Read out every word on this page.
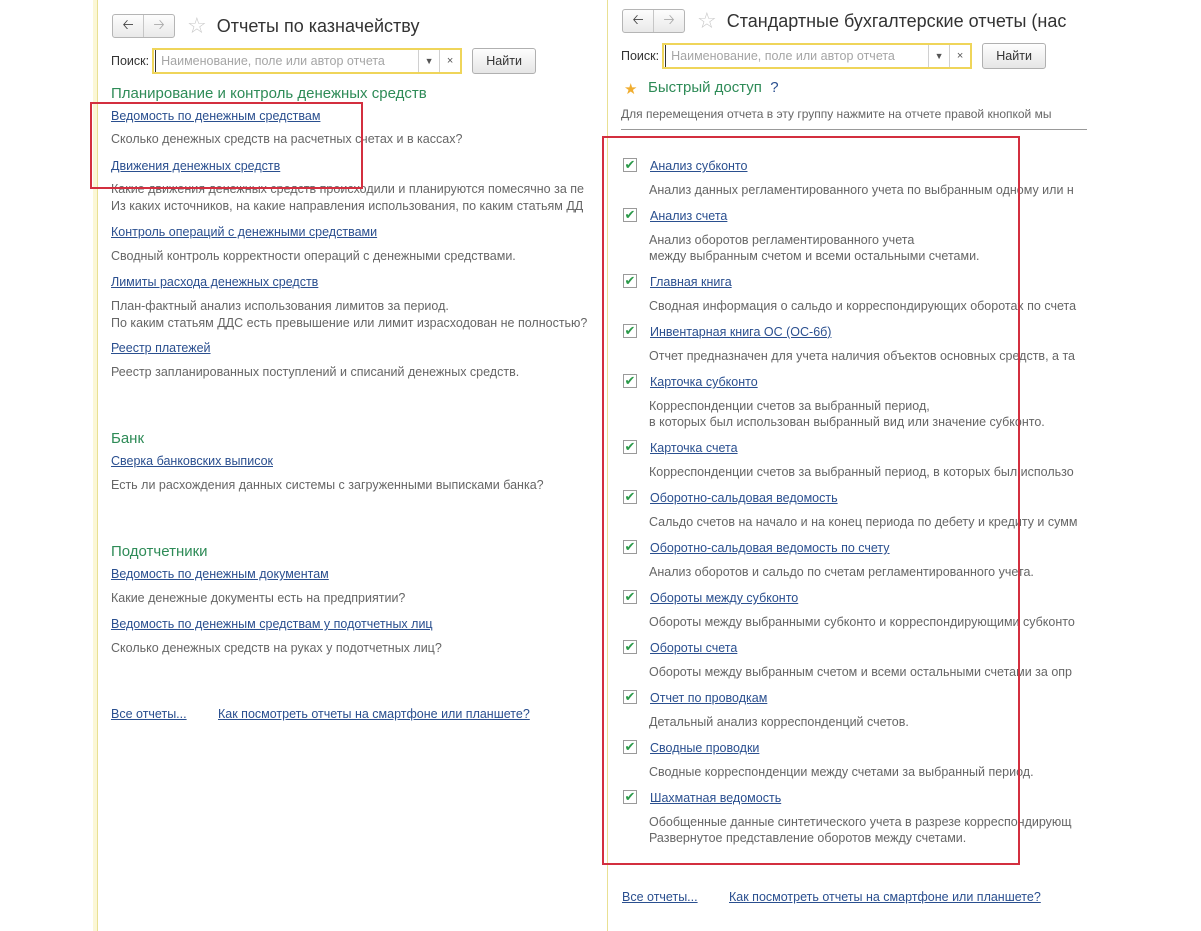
🡠	🡢	☆ Отчеты по казначейству
Поиск:
Наименование, поле или автор отчета	▼	×	Найти
Планирование и контроль денежных средств
Ведомость по денежным средствам
Сколько денежных средств на расчетных счетах и в кассах?
Движения денежных средств
Какие движения денежных средств происходили и планируются помесячно за пе
Из каких источников, на какие направления использования, по каким статьям ДД
Контроль операций с денежными средствами
Сводный контроль корректности операций с денежными средствами.
Лимиты расхода денежных средств
План-фактный анализ использования лимитов за период.
По каким статьям ДДС есть превышение или лимит израсходован не полностью?
Реестр платежей
Реестр запланированных поступлений и списаний денежных средств.
Банк
Сверка банковских выписок
Есть ли расхождения данных системы с загруженными выписками банка?
Подотчетники
Ведомость по денежным документам
Какие денежные документы есть на предприятии?
Ведомость по денежным средствам у подотчетных лиц
Сколько денежных средств на руках у подотчетных лиц?
Все отчеты...	Как посмотреть отчеты на смартфоне или планшете?
🡠	🡢	☆ Стандартные бухгалтерские отчеты (нас
Поиск:
Наименование, поле или автор отчета	▼	×	Найти
★ Быстрый доступ ?
Для перемещения отчета в эту группу нажмите на отчете правой кнопкой мы
✔ Анализ субконто
Анализ данных регламентированного учета по выбранным одному или н
✔ Анализ счета
Анализ оборотов регламентированного учета
между выбранным счетом и всеми остальными счетами.
✔ Главная книга
Сводная информация о сальдо и корреспондирующих оборотах по счета
✔ Инвентарная книга ОС (ОС-6б)
Отчет предназначен для учета наличия объектов основных средств, а та
✔ Карточка субконто
Корреспонденции счетов за выбранный период,
в которых был использован выбранный вид или значение субконто.
✔ Карточка счета
Корреспонденции счетов за выбранный период, в которых был использо
✔ Оборотно-сальдовая ведомость
Сальдо счетов на начало и на конец периода по дебету и кредиту и сумм
✔ Оборотно-сальдовая ведомость по счету
Анализ оборотов и сальдо по счетам регламентированного учета.
✔ Обороты между субконто
Обороты между выбранными субконто и корреспондирующими субконто
✔ Обороты счета
Обороты между выбранным счетом и всеми остальными счетами за опр
✔ Отчет по проводкам
Детальный анализ корреспонденций счетов.
✔ Сводные проводки
Сводные корреспонденции между счетами за выбранный период.
✔ Шахматная ведомость
Обобщенные данные синтетического учета в разрезе корреспондирующ
Развернутое представление оборотов между счетами.
Все отчеты...	Как посмотреть отчеты на смартфоне или планшете?
